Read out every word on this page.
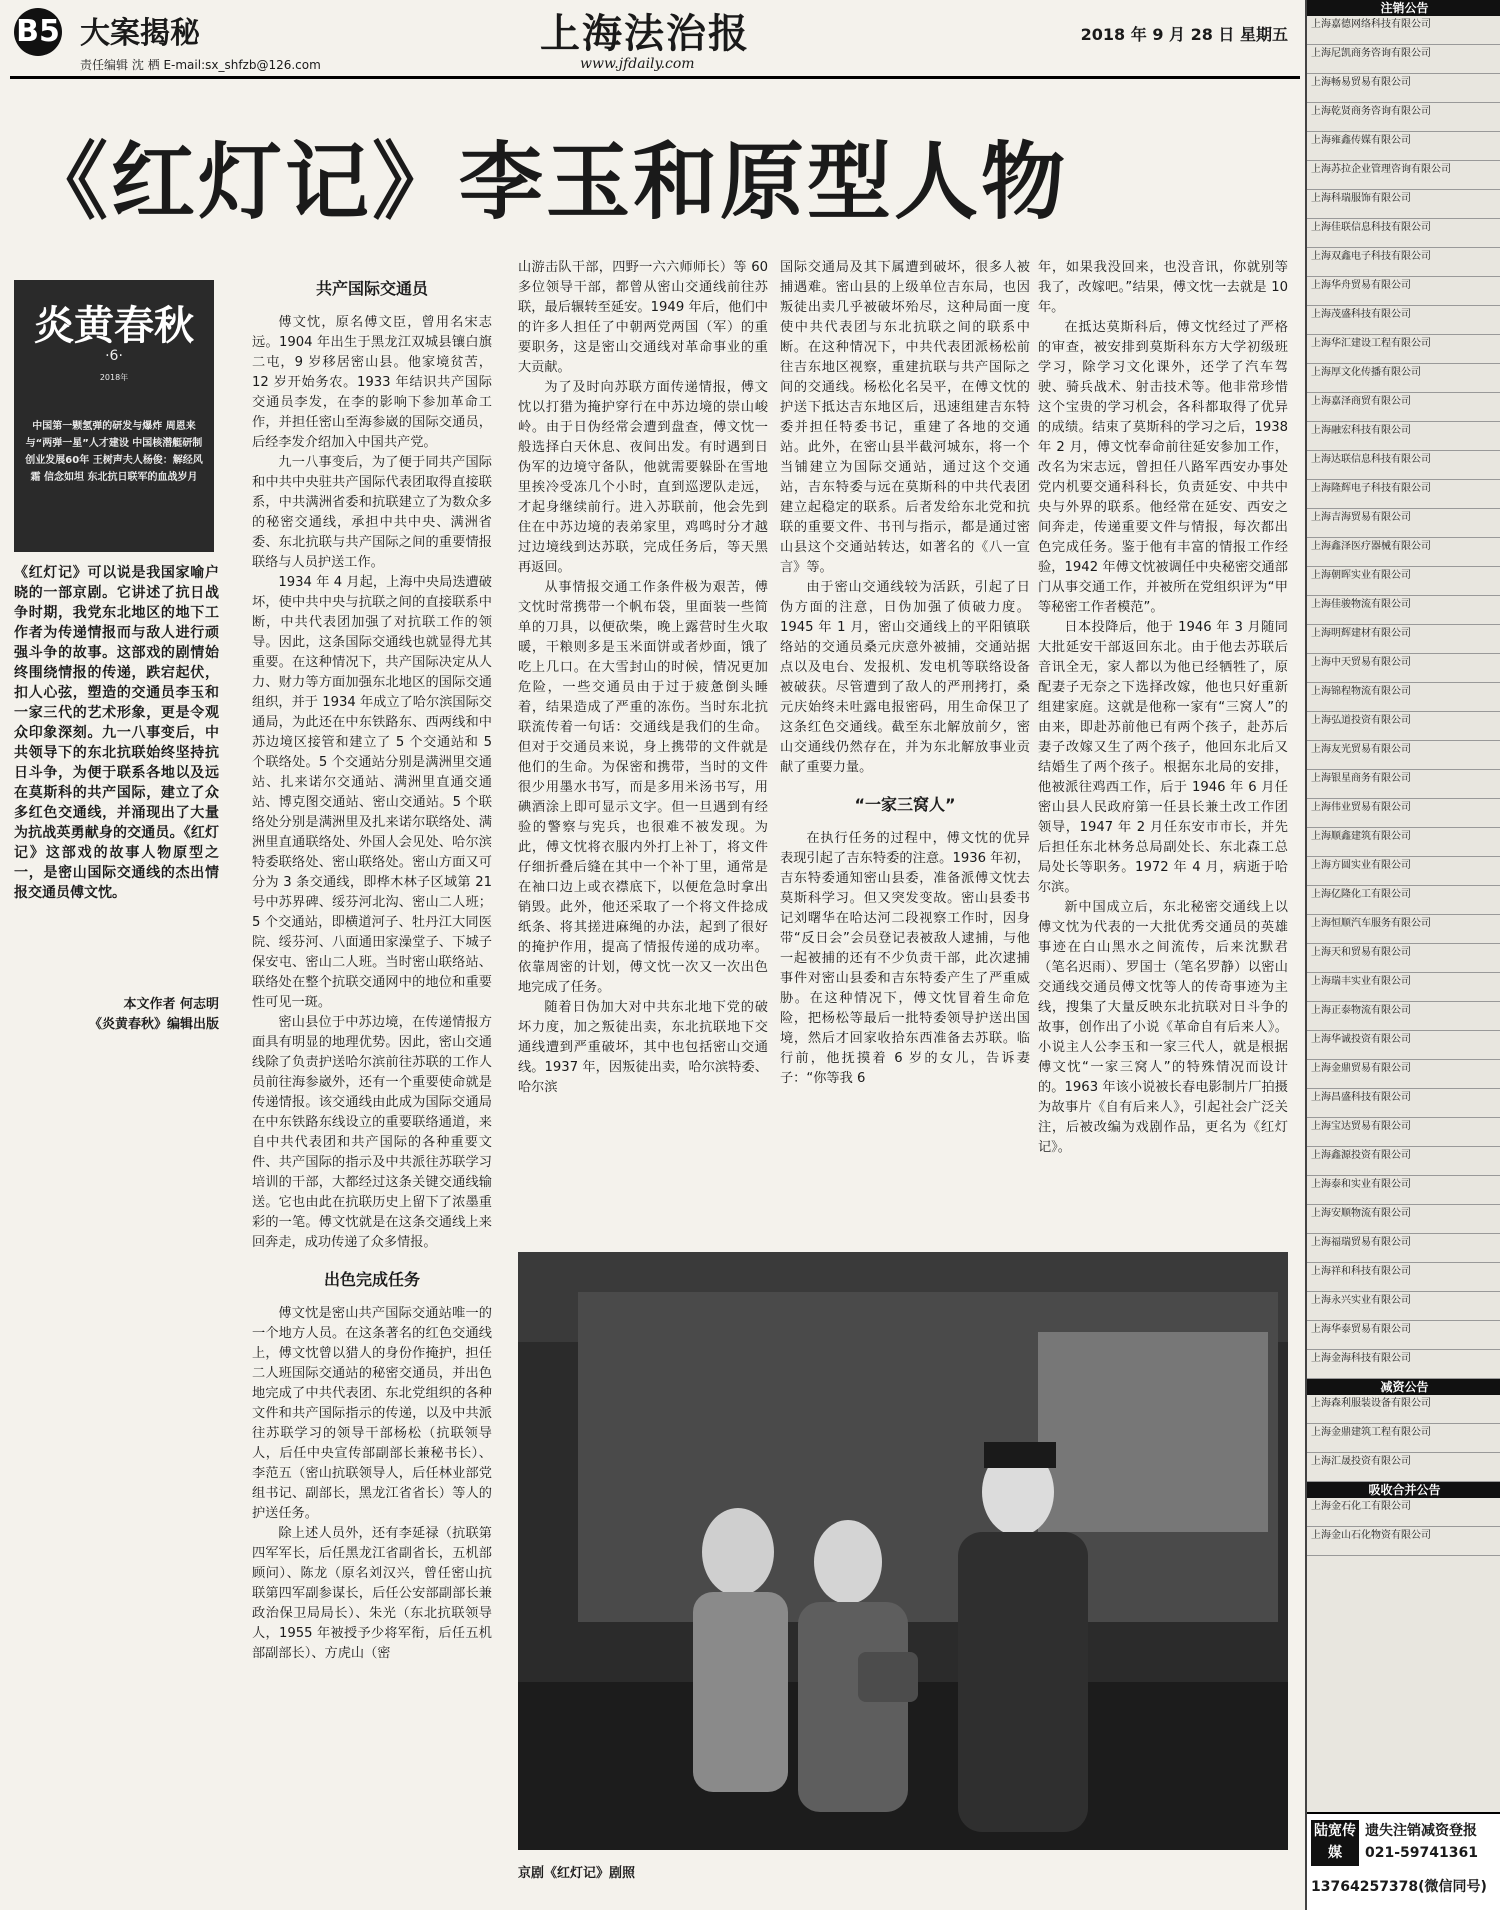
B5 大案揭秘
责任编辑 沈 栖 E-mail:sx_shfzb@126.com
上海法治报
www.jfdaily.com
2018 年 9 月 28 日 星期五
《红灯记》李玉和原型人物
炎黄春秋
·6·
2018年
中国第一颗氢弹的研发与爆炸 周恩来与“两弹一星”人才建设 中国核潜艇研制创业发展60年 王树声夫人杨俊：解经风霜 信念如坦 东北抗日联军的血战岁月
《红灯记》可以说是我国家喻户晓的一部京剧。它讲述了抗日战争时期，我党东北地区的地下工作者为传递情报而与敌人进行顽强斗争的故事。这部戏的剧情始终围绕情报的传递，跌宕起伏，扣人心弦，塑造的交通员李玉和一家三代的艺术形象，更是令观众印象深刻。九一八事变后，中共领导下的东北抗联始终坚持抗日斗争，为便于联系各地以及远在莫斯科的共产国际，建立了众多红色交通线，并涌现出了大量为抗战英勇献身的交通员。《红灯记》这部戏的故事人物原型之一，是密山国际交通线的杰出情报交通员傅文忱。
本文作者 何志明
《炎黄春秋》编辑出版
共产国际交通员

傅文忱，原名傅文臣，曾用名宋志远。1904 年出生于黑龙江双城县镶白旗二屯，9 岁移居密山县。他家境贫苦，12 岁开始务农。1933 年结识共产国际交通员李发，在李的影响下参加革命工作，并担任密山至海参崴的国际交通员，后经李发介绍加入中国共产党。

九一八事变后，为了便于同共产国际和中共中央驻共产国际代表团取得直接联系，中共满洲省委和抗联建立了为数众多的秘密交通线，承担中共中央、满洲省委、东北抗联与共产国际之间的重要情报联络与人员护送工作。

1934 年 4 月起，上海中央局迭遭破坏，使中共中央与抗联之间的直接联系中断，中共代表团加强了对抗联工作的领导。因此，这条国际交通线也就显得尤其重要。在这种情况下，共产国际决定从人力、财力等方面加强东北地区的国际交通组织，并于 1934 年成立了哈尔滨国际交通局，为此还在中东铁路东、西两线和中苏边境区接管和建立了 5 个交通站和 5 个联络处。5 个交通站分别是满洲里交通站、扎来诺尔交通站、满洲里直通交通站、博克图交通站、密山交通站。5 个联络处分别是满洲里及扎来诺尔联络处、满洲里直通联络处、外国人会见处、哈尔滨特委联络处、密山联络处。密山方面又可分为 3 条交通线，即桦木林子区域第 21 号中苏界碑、绥芬河北沟、密山二人班；5 个交通站，即横道河子、牡丹江大同医院、绥芬河、八面通田家澡堂子、下城子保安屯、密山二人班。当时密山联络站、联络处在整个抗联交通网中的地位和重要性可见一斑。

密山县位于中苏边境，在传递情报方面具有明显的地理优势。因此，密山交通线除了负责护送哈尔滨前往苏联的工作人员前往海参崴外，还有一个重要使命就是传递情报。该交通线由此成为国际交通局在中东铁路东线设立的重要联络通道，来自中共代表团和共产国际的各种重要文件、共产国际的指示及中共派往苏联学习培训的干部，大都经过这条关键交通线输送。它也由此在抗联历史上留下了浓墨重彩的一笔。傅文忱就是在这条交通线上来回奔走，成功传递了众多情报。

出色完成任务

傅文忱是密山共产国际交通站唯一的一个地方人员。在这条著名的红色交通线上，傅文忱曾以猎人的身份作掩护，担任二人班国际交通站的秘密交通员，并出色地完成了中共代表团、东北党组织的各种文件和共产国际指示的传递，以及中共派往苏联学习的领导干部杨松（抗联领导人，后任中央宣传部副部长兼秘书长）、李范五（密山抗联领导人，后任林业部党组书记、副部长，黑龙江省省长）等人的护送任务。

除上述人员外，还有李延禄（抗联第四军军长，后任黑龙江省副省长，五机部顾问）、陈龙（原名刘汉兴，曾任密山抗联第四军副参谋长，后任公安部副部长兼政治保卫局局长）、朱光（东北抗联领导人，1955 年被授予少将军衔，后任五机部副部长）、方虎山（密

山游击队干部，四野一六六师师长）等 60 多位领导干部，都曾从密山交通线前往苏联，最后辗转至延安。1949 年后，他们中的许多人担任了中朝两党两国（军）的重要职务，这是密山交通线对革命事业的重大贡献。

为了及时向苏联方面传递情报，傅文忱以打猎为掩护穿行在中苏边境的崇山峻岭。由于日伪经常会遭到盘查，傅文忱一般选择白天休息、夜间出发。有时遇到日伪军的边境守备队，他就需要躲卧在雪地里挨冷受冻几个小时，直到巡逻队走远，才起身继续前行。进入苏联前，他会先到住在中苏边境的表弟家里，鸡鸣时分才越过边境线到达苏联，完成任务后，等天黑再返回。

从事情报交通工作条件极为艰苦，傅文忱时常携带一个帆布袋，里面装一些简单的刀具，以便砍柴，晚上露营时生火取暖，干粮则多是玉米面饼或者炒面，饿了吃上几口。在大雪封山的时候，情况更加危险，一些交通员由于过于疲惫倒头睡着，结果造成了严重的冻伤。当时东北抗联流传着一句话：交通线是我们的生命。但对于交通员来说，身上携带的文件就是他们的生命。为保密和携带，当时的文件很少用墨水书写，而是多用米汤书写，用碘酒涂上即可显示文字。但一旦遇到有经验的警察与宪兵，也很难不被发现。为此，傅文忱将衣服内外打上补丁，将文件仔细折叠后缝在其中一个补丁里，通常是在袖口边上或衣襟底下，以便危急时拿出销毁。此外，他还采取了一个将文件捻成纸条、将其搓进麻绳的办法，起到了很好的掩护作用，提高了情报传递的成功率。依靠周密的计划，傅文忱一次又一次出色地完成了任务。

随着日伪加大对中共东北地下党的破坏力度，加之叛徒出卖，东北抗联地下交通线遭到严重破坏，其中也包括密山交通线。1937 年，因叛徒出卖，哈尔滨特委、哈尔滨

国际交通局及其下属遭到破坏，很多人被捕遇难。密山县的上级单位吉东局，也因叛徒出卖几乎被破坏殆尽，这种局面一度使中共代表团与东北抗联之间的联系中断。在这种情况下，中共代表团派杨松前往吉东地区视察，重建抗联与共产国际之间的交通线。杨松化名吴平，在傅文忱的护送下抵达吉东地区后，迅速组建吉东特委并担任特委书记，重建了各地的交通站。此外，在密山县半截河城东，将一个当铺建立为国际交通站，通过这个交通站，吉东特委与远在莫斯科的中共代表团建立起稳定的联系。后者发给东北党和抗联的重要文件、书刊与指示，都是通过密山县这个交通站转达，如著名的《八一宣言》等。

由于密山交通线较为活跃，引起了日伪方面的注意，日伪加强了侦破力度。1945 年 1 月，密山交通线上的平阳镇联络站的交通员桑元庆意外被捕，交通站据点以及电台、发报机、发电机等联络设备被破获。尽管遭到了敌人的严刑拷打，桑元庆始终未吐露电报密码，用生命保卫了这条红色交通线。截至东北解放前夕，密山交通线仍然存在，并为东北解放事业贡献了重要力量。

“一家三窝人”

在执行任务的过程中，傅文忱的优异表现引起了吉东特委的注意。1936 年初，吉东特委通知密山县委，准备派傅文忱去莫斯科学习。但又突发变故。密山县委书记刘曙华在哈达河二段视察工作时，因身带“反日会”会员登记表被敌人逮捕，与他一起被捕的还有不少负责干部，此次逮捕事件对密山县委和吉东特委产生了严重威胁。在这种情况下，傅文忱冒着生命危险，把杨松等最后一批特委领导护送出国境，然后才回家收拾东西准备去苏联。临行前，他抚摸着 6 岁的女儿，告诉妻子：“你等我 6

年，如果我没回来，也没音讯，你就别等我了，改嫁吧。”结果，傅文忱一去就是 10 年。

在抵达莫斯科后，傅文忱经过了严格的审查，被安排到莫斯科东方大学初级班学习，除学习文化课外，还学了汽车驾驶、骑兵战术、射击技术等。他非常珍惜这个宝贵的学习机会，各科都取得了优异的成绩。结束了莫斯科的学习之后，1938 年 2 月，傅文忱奉命前往延安参加工作，改名为宋志远，曾担任八路军西安办事处党内机要交通科科长，负责延安、中共中央与外界的联系。他经常在延安、西安之间奔走，传递重要文件与情报，每次都出色完成任务。鉴于他有丰富的情报工作经验，1942 年傅文忱被调任中央秘密交通部门从事交通工作，并被所在党组织评为“甲等秘密工作者模范”。

日本投降后，他于 1946 年 3 月随同大批延安干部返回东北。由于他去苏联后音讯全无，家人都以为他已经牺牲了，原配妻子无奈之下选择改嫁，他也只好重新组建家庭。这就是他称一家有“三窝人”的由来，即赴苏前他已有两个孩子，赴苏后妻子改嫁又生了两个孩子，他回东北后又结婚生了两个孩子。根据东北局的安排，他被派往鸡西工作，后于 1946 年 6 月任密山县人民政府第一任县长兼土改工作团领导，1947 年 2 月任东安市市长，并先后担任东北林务总局副处长、东北森工总局处长等职务。1972 年 4 月，病逝于哈尔滨。

新中国成立后，东北秘密交通线上以傅文忱为代表的一大批优秀交通员的英雄事迹在白山黑水之间流传，后来沈默君（笔名迟雨）、罗国士（笔名罗静）以密山交通线交通员傅文忱等人的传奇事迹为主线，搜集了大量反映东北抗联对日斗争的故事，创作出了小说《革命自有后来人》。小说主人公李玉和一家三代人，就是根据傅文忱“一家三窝人”的特殊情况而设计的。1963 年该小说被长春电影制片厂拍摄为故事片《自有后来人》，引起社会广泛关注，后被改编为戏剧作品，更名为《红灯记》。

京剧《红灯记》剧照
注销公告
上海嘉德网络科技有限公司
上海尼凯商务咨询有限公司
上海畅易贸易有限公司
上海乾贤商务咨询有限公司
上海雍鑫传媒有限公司
上海苏拉企业管理咨询有限公司
上海科瑞服饰有限公司
上海佳联信息科技有限公司
上海双鑫电子科技有限公司
上海华舟贸易有限公司
上海茂盛科技有限公司
上海华汇建设工程有限公司
上海厚文化传播有限公司
上海嘉泽商贸有限公司
上海融宏科技有限公司
上海达联信息科技有限公司
上海隆辉电子科技有限公司
上海吉海贸易有限公司
上海鑫泽医疗器械有限公司
上海朝晖实业有限公司
上海佳骏物流有限公司
上海明辉建材有限公司
上海中天贸易有限公司
上海锦程物流有限公司
上海弘道投资有限公司
上海友光贸易有限公司
上海银星商务有限公司
上海伟业贸易有限公司
上海顺鑫建筑有限公司
上海方圆实业有限公司
上海亿隆化工有限公司
上海恒顺汽车服务有限公司
上海天和贸易有限公司
上海瑞丰实业有限公司
上海正泰物流有限公司
上海华诚投资有限公司
上海金鼎贸易有限公司
上海昌盛科技有限公司
上海宝达贸易有限公司
上海鑫源投资有限公司
上海泰和实业有限公司
上海安顺物流有限公司
上海福瑞贸易有限公司
上海祥和科技有限公司
上海永兴实业有限公司
上海华泰贸易有限公司
上海金海科技有限公司
减资公告
上海森利服装设备有限公司
上海金鼎建筑工程有限公司
上海汇晟投资有限公司
吸收合并公告
上海金石化工有限公司
上海金山石化物资有限公司
陆宽传媒
遗失注销减资登报
021-59741361
13764257378(微信同号)
